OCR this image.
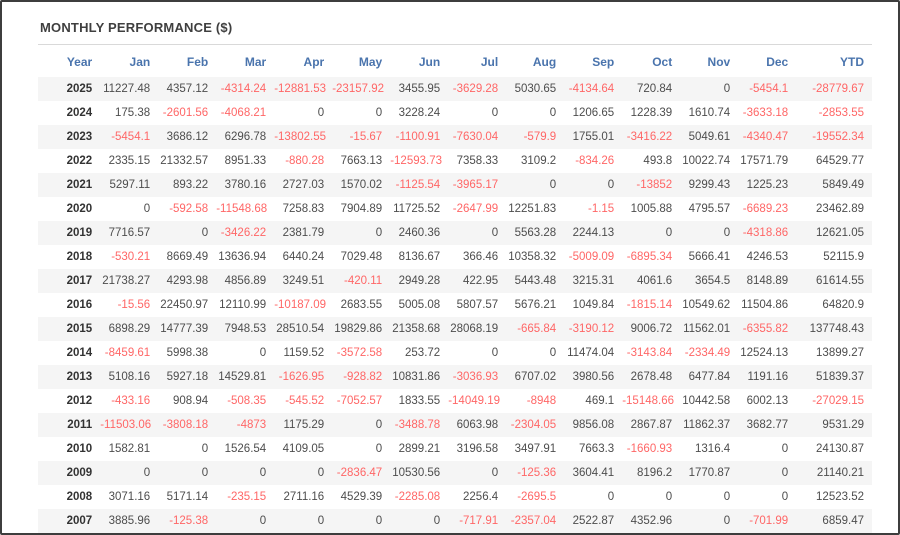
MONTHLY PERFORMANCE ($)
Year	Jan	Feb	Mar	Apr	May	Jun	Jul	Aug	Sep	Oct	Nov	Dec	YTD
2025	11227.48	4357.12	-4314.24	-12881.53	-23157.92	3455.95	-3629.28	5030.65	-4134.64	720.84	0	-5454.1	-28779.67
2024	175.38	-2601.56	-4068.21	0	0	3228.24	0	0	1206.65	1228.39	1610.74	-3633.18	-2853.55
2023	-5454.1	3686.12	6296.78	-13802.55	-15.67	-1100.91	-7630.04	-579.9	1755.01	-3416.22	5049.61	-4340.47	-19552.34
2022	2335.15	21332.57	8951.33	-880.28	7663.13	-12593.73	7358.33	3109.2	-834.26	493.8	10022.74	17571.79	64529.77
2021	5297.11	893.22	3780.16	2727.03	1570.02	-1125.54	-3965.17	0	0	-13852	9299.43	1225.23	5849.49
2020	0	-592.58	-11548.68	7258.83	7904.89	11725.52	-2647.99	12251.83	-1.15	1005.88	4795.57	-6689.23	23462.89
2019	7716.57	0	-3426.22	2381.79	0	2460.36	0	5563.28	2244.13	0	0	-4318.86	12621.05
2018	-530.21	8669.49	13636.94	6440.24	7029.48	8136.67	366.46	10358.32	-5009.09	-6895.34	5666.41	4246.53	52115.9
2017	21738.27	4293.98	4856.89	3249.51	-420.11	2949.28	422.95	5443.48	3215.31	4061.6	3654.5	8148.89	61614.55
2016	-15.56	22450.97	12110.99	-10187.09	2683.55	5005.08	5807.57	5676.21	1049.84	-1815.14	10549.62	11504.86	64820.9
2015	6898.29	14777.39	7948.53	28510.54	19829.86	21358.68	28068.19	-665.84	-3190.12	9006.72	11562.01	-6355.82	137748.43
2014	-8459.61	5998.38	0	1159.52	-3572.58	253.72	0	0	11474.04	-3143.84	-2334.49	12524.13	13899.27
2013	5108.16	5927.18	14529.81	-1626.95	-928.82	10831.86	-3036.93	6707.02	3980.56	2678.48	6477.84	1191.16	51839.37
2012	-433.16	908.94	-508.35	-545.52	-7052.57	1833.55	-14049.19	-8948	469.1	-15148.66	10442.58	6002.13	-27029.15
2011	-11503.06	-3808.18	-4873	1175.29	0	-3488.78	6063.98	-2304.05	9856.08	2867.87	11862.37	3682.77	9531.29
2010	1582.81	0	1526.54	4109.05	0	2899.21	3196.58	3497.91	7663.3	-1660.93	1316.4	0	24130.87
2009	0	0	0	0	-2836.47	10530.56	0	-125.36	3604.41	8196.2	1770.87	0	21140.21
2008	3071.16	5171.14	-235.15	2711.16	4529.39	-2285.08	2256.4	-2695.5	0	0	0	0	12523.52
2007	3885.96	-125.38	0	0	0	0	-717.91	-2357.04	2522.87	4352.96	0	-701.99	6859.47
